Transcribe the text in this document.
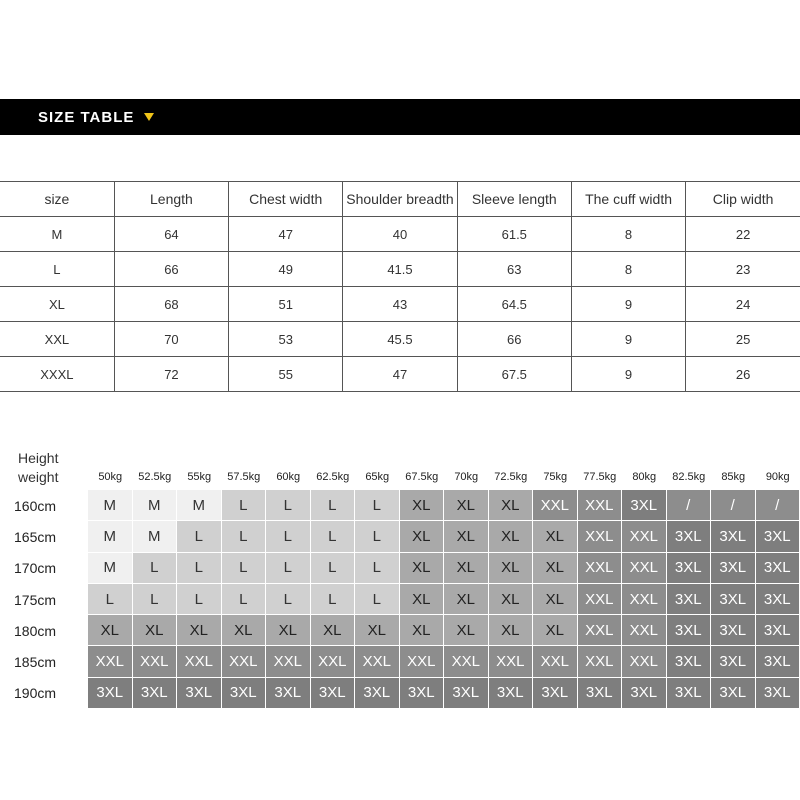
SIZE TABLE
size	Length	Chest width	Shoulder breadth	Sleeve length	The cuff width	Clip width
M	64	47	40	61.5	8	22
L	66	49	41.5	63	8	23
XL	68	51	43	64.5	9	24
XXL	70	53	45.5	66	9	25
XXXL	72	55	47	67.5	9	26
Height
weight	50kg	52.5kg	55kg	57.5kg	60kg	62.5kg	65kg	67.5kg	70kg	72.5kg	75kg	77.5kg	80kg	82.5kg	85kg	90kg
160cm	M	M	M	L	L	L	L	XL	XL	XL	XXL	XXL	3XL	/	/	/
165cm	M	M	L	L	L	L	L	XL	XL	XL	XL	XXL	XXL	3XL	3XL	3XL
170cm	M	L	L	L	L	L	L	XL	XL	XL	XL	XXL	XXL	3XL	3XL	3XL
175cm	L	L	L	L	L	L	L	XL	XL	XL	XL	XXL	XXL	3XL	3XL	3XL
180cm	XL	XL	XL	XL	XL	XL	XL	XL	XL	XL	XL	XXL	XXL	3XL	3XL	3XL
185cm	XXL	XXL	XXL	XXL	XXL	XXL	XXL	XXL	XXL	XXL	XXL	XXL	XXL	3XL	3XL	3XL
190cm	3XL	3XL	3XL	3XL	3XL	3XL	3XL	3XL	3XL	3XL	3XL	3XL	3XL	3XL	3XL	3XL
